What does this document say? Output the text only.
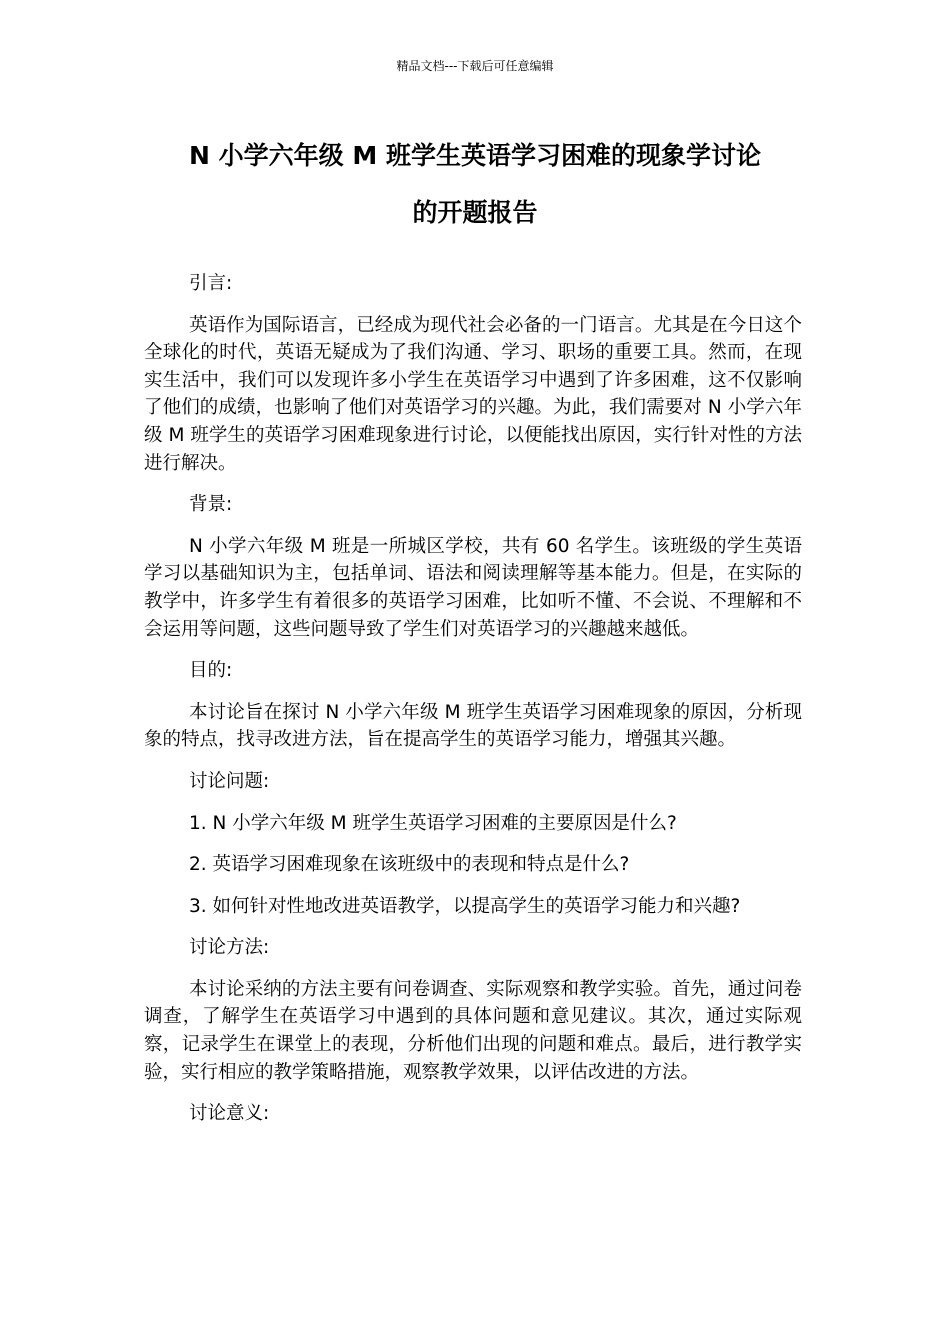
精品文档---下载后可任意编辑
N 小学六年级 M 班学生英语学习困难的现象学讨论
的开题报告

引言:

英语作为国际语言，已经成为现代社会必备的一门语言。尤其是在今日这个全球化的时代，英语无疑成为了我们沟通、学习、职场的重要工具。然而，在现实生活中，我们可以发现许多小学生在英语学习中遇到了许多困难，这不仅影响了他们的成绩，也影响了他们对英语学习的兴趣。为此，我们需要对 N 小学六年级 M 班学生的英语学习困难现象进行讨论，以便能找出原因，实行针对性的方法进行解决。

背景:

N 小学六年级 M 班是一所城区学校，共有 60 名学生。该班级的学生英语学习以基础知识为主，包括单词、语法和阅读理解等基本能力。但是，在实际的教学中，许多学生有着很多的英语学习困难，比如听不懂、不会说、不理解和不会运用等问题，这些问题导致了学生们对英语学习的兴趣越来越低。

目的:

本讨论旨在探讨 N 小学六年级 M 班学生英语学习困难现象的原因，分析现象的特点，找寻改进方法，旨在提高学生的英语学习能力，增强其兴趣。

讨论问题:

1. N 小学六年级 M 班学生英语学习困难的主要原因是什么?

2. 英语学习困难现象在该班级中的表现和特点是什么?

3. 如何针对性地改进英语教学，以提高学生的英语学习能力和兴趣?

讨论方法:

本讨论采纳的方法主要有问卷调查、实际观察和教学实验。首先，通过问卷调查，了解学生在英语学习中遇到的具体问题和意见建议。其次，通过实际观察，记录学生在课堂上的表现，分析他们出现的问题和难点。最后，进行教学实验，实行相应的教学策略措施，观察教学效果，以评估改进的方法。

讨论意义:
